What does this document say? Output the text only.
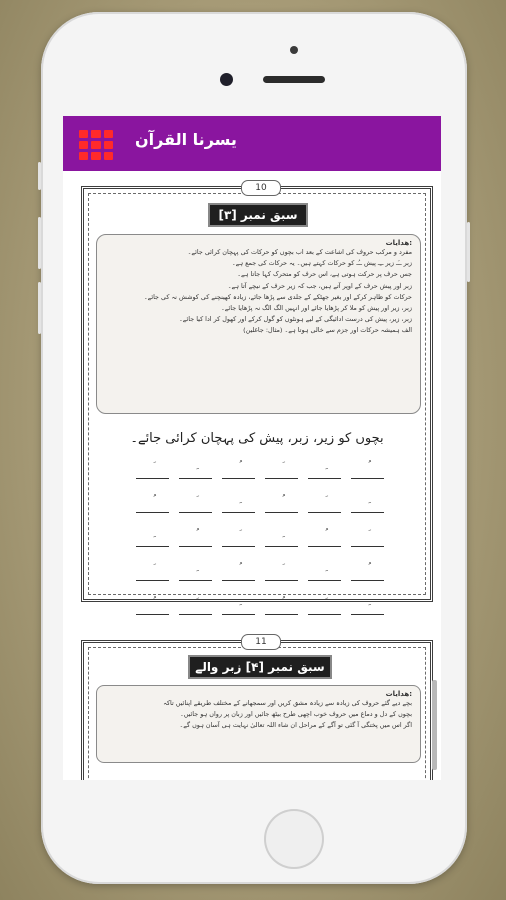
یسرنا القرآن
10
سبق نمبر [۳]
ھدایات:
مفرد و مرکب حروف کی اشاعت کے بعد اب بچوں کو حرکات کی پہچان کرائی جائے۔
زبر ــَـ زیر ــِـ پیش ــُـ کو حرکات کہتے ہیں۔ یہ حرکات کی جمع ہے۔
جس حرف پر حرکت ہوتی ہے، اس حرف کو متحرک کہا جاتا ہے۔
زبر اور پیش حرف کے اوپر آتے ہیں، جب کہ زیر حرف کے نیچے آتا ہے۔
حرکات کو ظاہر کرکے اور بغیر جھٹکے کے جلدی سے پڑھا جائے، زیادہ کھینچنے کی کوشش نہ کی جائے۔
زبر، زیر اور پیش کو ملا کر پڑھایا جائے اور انہیں الگ الگ نہ پڑھایا جائے۔
زبر، زیر، پیش کی درست ادائیگی کے لیے ہونٹوں کو گول کرکے اور کھول کر ادا کیا جائے۔
الف ہمیشہ حرکات اور جزم سے خالی ہوتا ہے۔ (مثال: جاغلین)
بچوں کو زیر، زبر، پیش کی پہچان کرائی جائے۔
11
سبق نمبر [۴] زبر والے
ھدایات:
بچے دیے گئے حروف کی زیادہ سے زیادہ مشق کریں اور سمجھانے کے مختلف طریقے اپنائیں تاکہ
بچوں کے دل و دماغ میں حروف خوب اچھی طرح بیٹھ جائیں اور زبان پر رواں ہو جائیں۔
اگر اس میں پختگی آ گئی تو آگے کے مراحل ان شاء اللہ تعالیٰ نہایت ہی آسان ہوں گے۔
